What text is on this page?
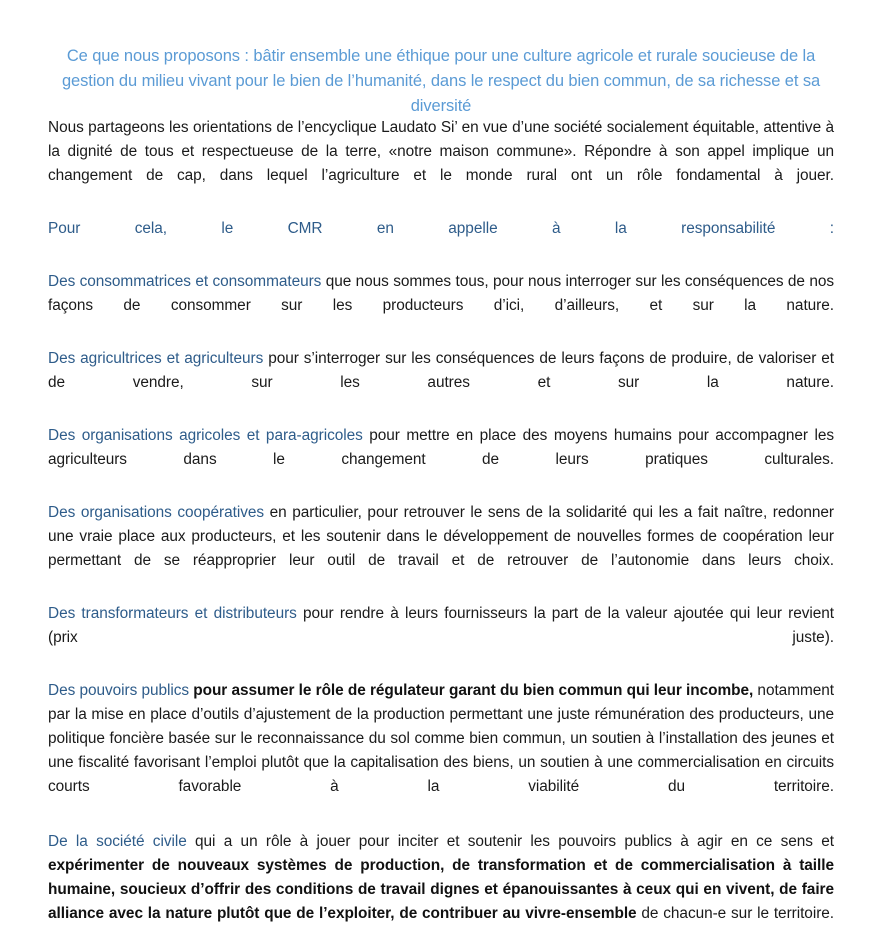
Ce que nous proposons : bâtir ensemble une éthique pour une culture agricole et rurale soucieuse de la gestion du milieu vivant pour le bien de l’humanité, dans le respect du bien commun, de sa richesse et sa diversité

Nous partageons les orientations de l’encyclique Laudato Si’ en vue d’une société socialement équitable, attentive à la dignité de tous et respectueuse de la terre, «notre maison commune». Répondre à son appel implique un changement de cap, dans lequel l’agriculture et le monde rural ont un rôle fondamental à jouer.

Pour cela, le CMR en appelle à la responsabilité :

Des consommatrices et consommateurs que nous sommes tous, pour nous interroger sur les conséquences de nos façons de consommer sur les producteurs d’ici, d’ailleurs, et sur la nature.

Des agricultrices et agriculteurs pour s’interroger sur les conséquences de leurs façons de produire, de valoriser et de vendre, sur les autres et sur la nature.

Des organisations agricoles et para-agricoles pour mettre en place des moyens humains pour accompagner les agriculteurs dans le changement de leurs pratiques culturales.

Des organisations coopératives en particulier, pour retrouver le sens de la solidarité qui les a fait naître, redonner une vraie place aux producteurs, et les soutenir dans le développement de nouvelles formes de coopération leur permettant de se réapproprier leur outil de travail et de retrouver de l’autonomie dans leurs choix.

Des transformateurs et distributeurs pour rendre à leurs fournisseurs la part de la valeur ajoutée qui leur revient (prix juste).

Des pouvoirs publics pour assumer le rôle de régulateur garant du bien commun qui leur incombe, notamment par la mise en place d’outils d’ajustement de la production permettant une juste rémunération des producteurs, une politique foncière basée sur le reconnaissance du sol comme bien commun, un soutien à l’installation des jeunes et une fiscalité favorisant l’emploi plutôt que la capitalisation des biens, un soutien à une commercialisation en circuits courts favorable à la viabilité du territoire.

De la société civile qui a un rôle à jouer pour inciter et soutenir les pouvoirs publics à agir en ce sens et expérimenter de nouveaux systèmes de production, de transformation et de commercialisation à taille humaine, soucieux d’offrir des conditions de travail dignes et épanouissantes à ceux qui en vivent, de faire alliance avec la nature plutôt que de l’exploiter, de contribuer au vivre-ensemble de chacun-e sur le territoire.
